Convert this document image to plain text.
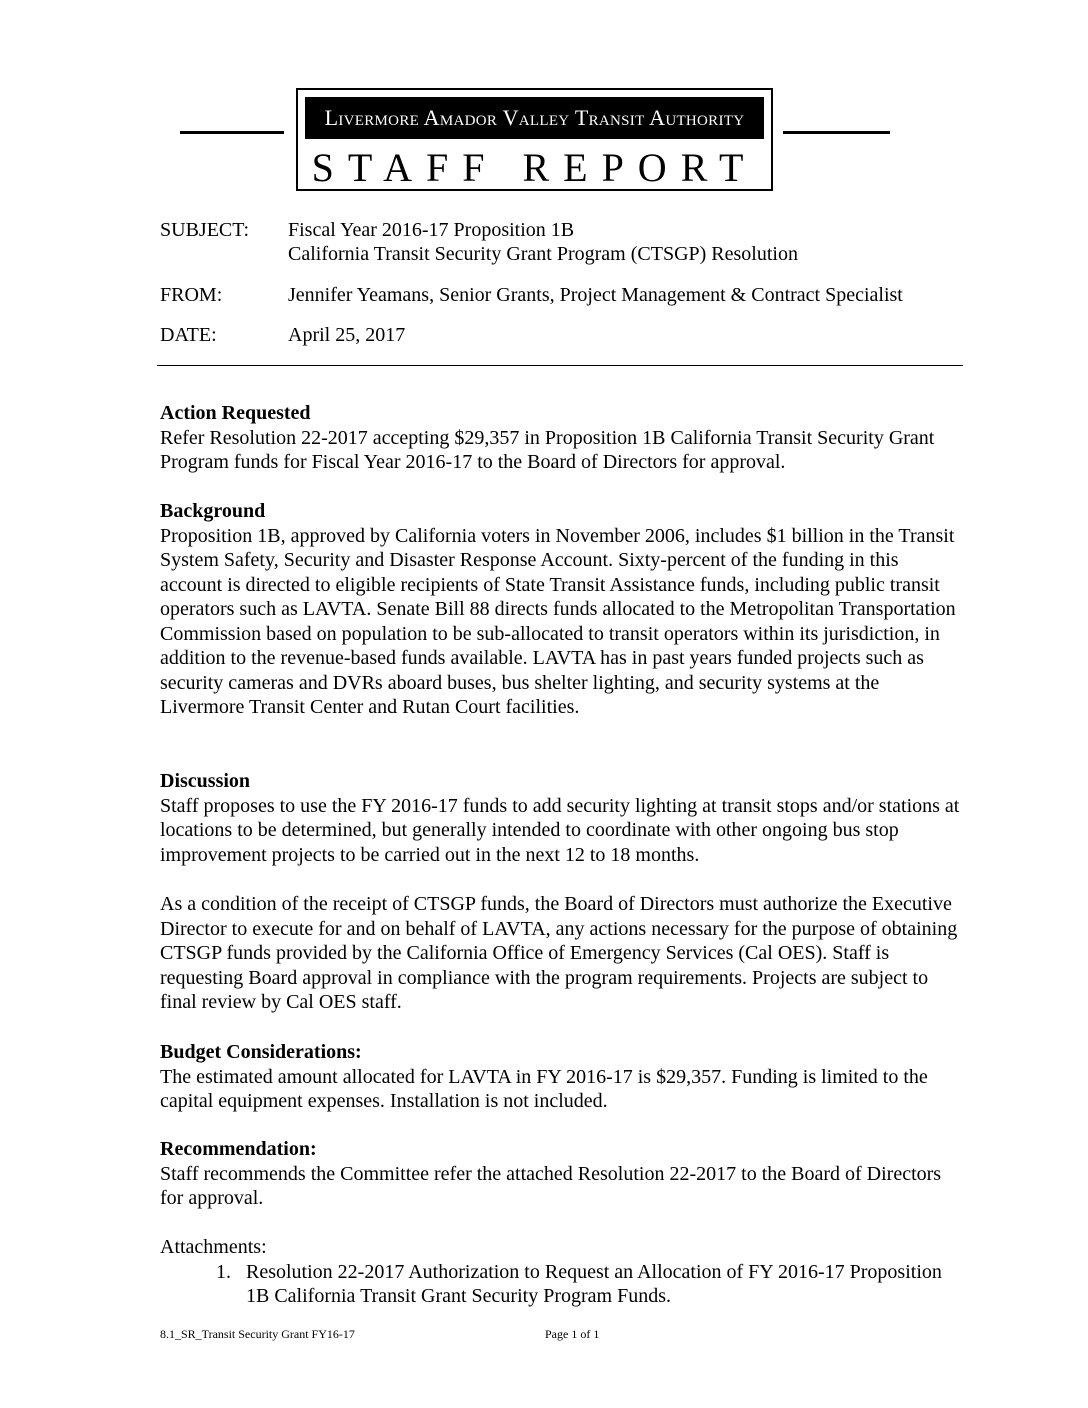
Livermore Amador Valley Transit Authority
STAFF REPORT
SUBJECT:	Fiscal Year 2016-17 Proposition 1B
California Transit Security Grant Program (CTSGP) Resolution
FROM:	Jennifer Yeamans, Senior Grants, Project Management & Contract Specialist
DATE:	April 25, 2017
Action Requested

Refer Resolution 22-2017 accepting $29,357 in Proposition 1B California Transit Security Grant Program funds for Fiscal Year 2016-17 to the Board of Directors for approval.

Background

Proposition 1B, approved by California voters in November 2006, includes $1 billion in the Transit System Safety, Security and Disaster Response Account. Sixty-percent of the funding in this account is directed to eligible recipients of State Transit Assistance funds, including public transit operators such as LAVTA. Senate Bill 88 directs funds allocated to the Metropolitan Transportation Commission based on population to be sub-allocated to transit operators within its jurisdiction, in addition to the revenue-based funds available. LAVTA has in past years funded projects such as security cameras and DVRs aboard buses, bus shelter lighting, and security systems at the Livermore Transit Center and Rutan Court facilities.

Discussion

Staff proposes to use the FY 2016-17 funds to add security lighting at transit stops and/or stations at locations to be determined, but generally intended to coordinate with other ongoing bus stop improvement projects to be carried out in the next 12 to 18 months.

As a condition of the receipt of CTSGP funds, the Board of Directors must authorize the Executive Director to execute for and on behalf of LAVTA, any actions necessary for the purpose of obtaining CTSGP funds provided by the California Office of Emergency Services (Cal OES). Staff is requesting Board approval in compliance with the program requirements. Projects are subject to final review by Cal OES staff.

Budget Considerations:

The estimated amount allocated for LAVTA in FY 2016-17 is $29,357. Funding is limited to the capital equipment expenses. Installation is not included.

Recommendation:

Staff recommends the Committee refer the attached Resolution 22-2017 to the Board of Directors for approval.

Attachments:

1. Resolution 22-2017 Authorization to Request an Allocation of FY 2016-17 Proposition 1B California Transit Grant Security Program Funds.
8.1_SR_Transit Security Grant FY16-17	Page 1 of 1
